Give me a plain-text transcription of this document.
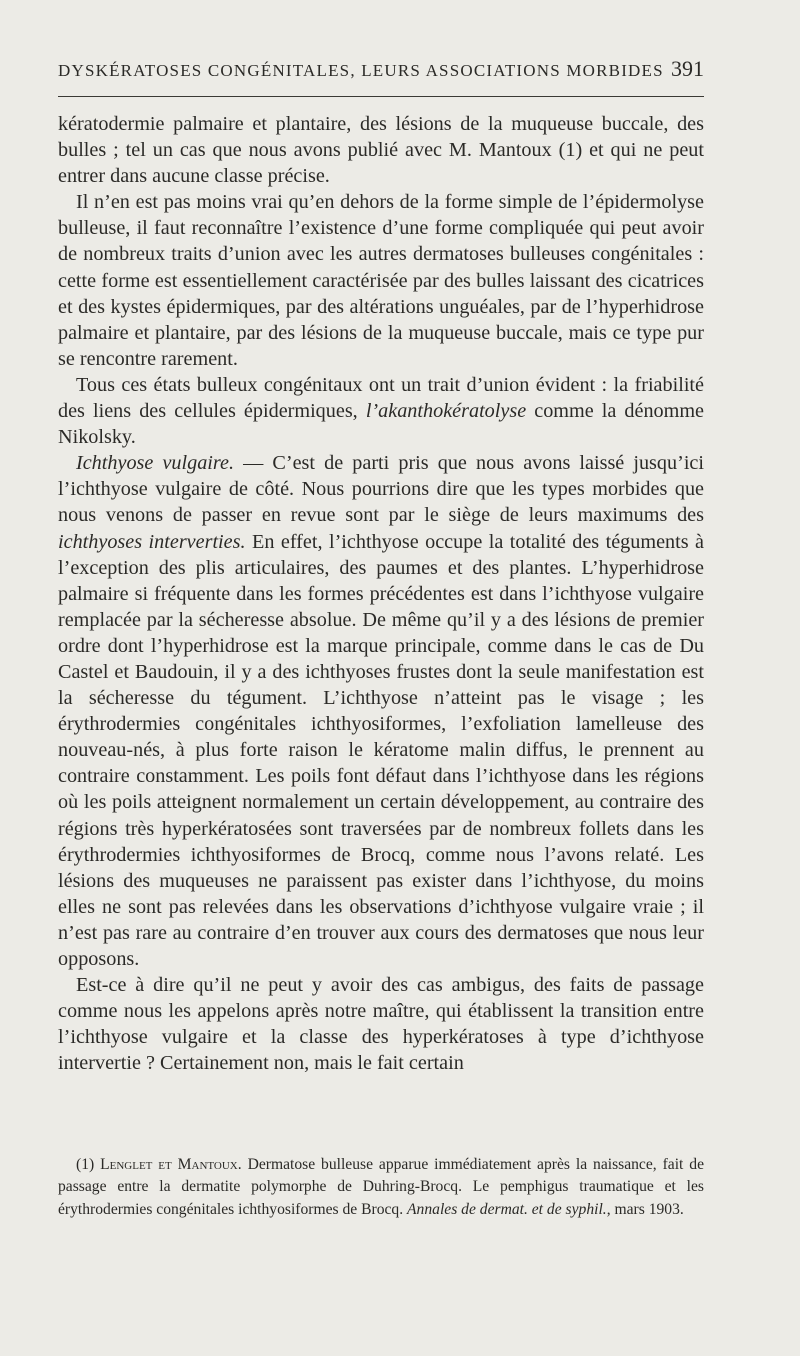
DYSKÉRATOSES CONGÉNITALES, LEURS ASSOCIATIONS MORBIDES 391

kératodermie palmaire et plantaire, des lésions de la muqueuse buccale, des bulles ; tel un cas que nous avons publié avec M. Mantoux (1) et qui ne peut entrer dans aucune classe précise.

Il n’en est pas moins vrai qu’en dehors de la forme simple de l’épidermolyse bulleuse, il faut reconnaître l’existence d’une forme compliquée qui peut avoir de nombreux traits d’union avec les autres dermatoses bulleuses congénitales : cette forme est essentiellement caractérisée par des bulles laissant des cicatrices et des kystes épidermiques, par des altérations unguéales, par de l’hyperhidrose palmaire et plantaire, par des lésions de la muqueuse buccale, mais ce type pur se rencontre rarement.

Tous ces états bulleux congénitaux ont un trait d’union évident : la friabilité des liens des cellules épidermiques, l’akanthokératolyse comme la dénomme Nikolsky.

Ichthyose vulgaire. — C’est de parti pris que nous avons laissé jusqu’ici l’ichthyose vulgaire de côté. Nous pourrions dire que les types morbides que nous venons de passer en revue sont par le siège de leurs maximums des ichthyoses interverties. En effet, l’ichthyose occupe la totalité des téguments à l’exception des plis articulaires, des paumes et des plantes. L’hyperhidrose palmaire si fréquente dans les formes précédentes est dans l’ichthyose vulgaire remplacée par la sécheresse absolue. De même qu’il y a des lésions de premier ordre dont l’hyperhidrose est la marque principale, comme dans le cas de Du Castel et Baudouin, il y a des ichthyoses frustes dont la seule manifestation est la sécheresse du tégument. L’ichthyose n’atteint pas le visage ; les érythrodermies congénitales ichthyosiformes, l’exfoliation lamelleuse des nouveau-nés, à plus forte raison le kératome malin diffus, le prennent au contraire constamment. Les poils font défaut dans l’ichthyose dans les régions où les poils atteignent normalement un certain développement, au contraire des régions très hyperkératosées sont traversées par de nombreux follets dans les érythrodermies ichthyosiformes de Brocq, comme nous l’avons relaté. Les lésions des muqueuses ne paraissent pas exister dans l’ichthyose, du moins elles ne sont pas relevées dans les observations d’ichthyose vulgaire vraie ; il n’est pas rare au contraire d’en trouver aux cours des dermatoses que nous leur opposons.

Est-ce à dire qu’il ne peut y avoir des cas ambigus, des faits de passage comme nous les appelons après notre maître, qui établissent la transition entre l’ichthyose vulgaire et la classe des hyperkératoses à type d’ichthyose intervertie ? Certainement non, mais le fait certain

(1) Lenglet et Mantoux. Dermatose bulleuse apparue immédiatement après la naissance, fait de passage entre la dermatite polymorphe de Duhring-Brocq. Le pemphigus traumatique et les érythrodermies congénitales ichthyosiformes de Brocq. Annales de dermat. et de syphil., mars 1903.
